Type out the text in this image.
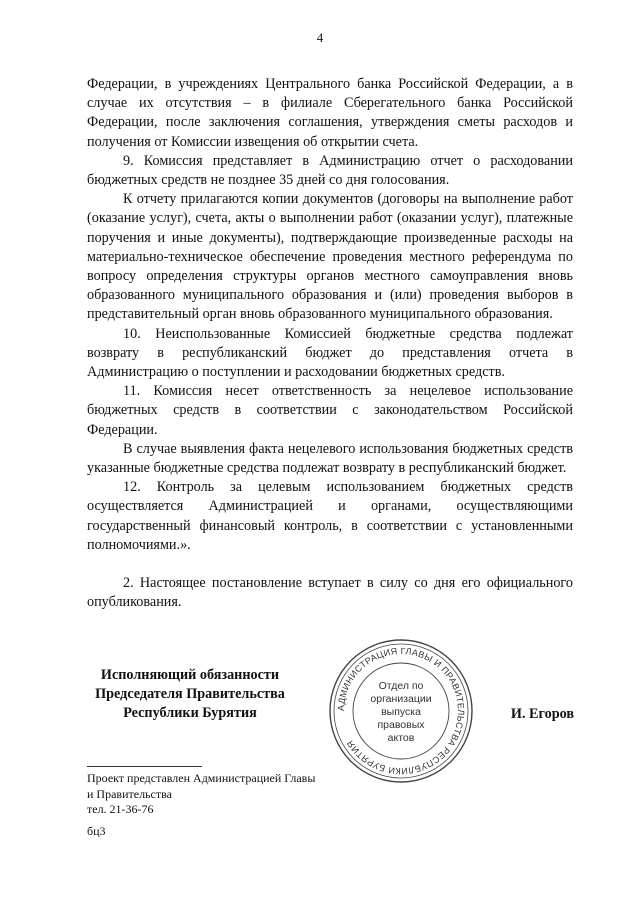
4

Федерации, в учреждениях Центрального банка Российской Федерации, а в случае их отсутствия – в филиале Сберегательного банка Российской Федерации, после заключения соглашения, утверждения сметы расходов и получения от Комиссии извещения об открытии счета.

9. Комиссия представляет в Администрацию отчет о расходовании бюджетных средств не позднее 35 дней со дня голосования.

К отчету прилагаются копии документов (договоры на выполнение работ (оказание услуг), счета, акты о выполнении работ (оказании услуг), платежные поручения и иные документы), подтверждающие произведенные расходы на материально-техническое обеспечение проведения местного референдума по вопросу определения структуры органов местного самоуправления вновь образованного муниципального образования и (или) проведения выборов в представительный орган вновь образованного муниципального образования.

10. Неиспользованные Комиссией бюджетные средства подлежат возврату в республиканский бюджет до представления отчета в Администрацию о поступлении и расходовании бюджетных средств.

11. Комиссия несет ответственность за нецелевое использование бюджетных средств в соответствии с законодательством Российской Федерации.

В случае выявления факта нецелевого использования бюджетных средств указанные бюджетные средства подлежат возврату в республиканский бюджет.

12. Контроль за целевым использованием бюджетных средств осуществляется Администрацией и органами, осуществляющими государственный финансовый контроль, в соответствии с установленными полномочиями.».

2. Настоящее постановление вступает в силу со дня его официального опубликования.

Исполняющий обязанности
Председателя Правительства
Республики Бурятия	АДМИНИСТРАЦИЯ ГЛАВЫ И ПРАВИТЕЛЬСТВА РЕСПУБЛИКИ БУРЯТИЯ
Отдел по
организации
выпуска
правовых
актов
И. Егоров
Проект представлен Администрацией Главы
и Правительства
тел. 21-36-76
бц3
